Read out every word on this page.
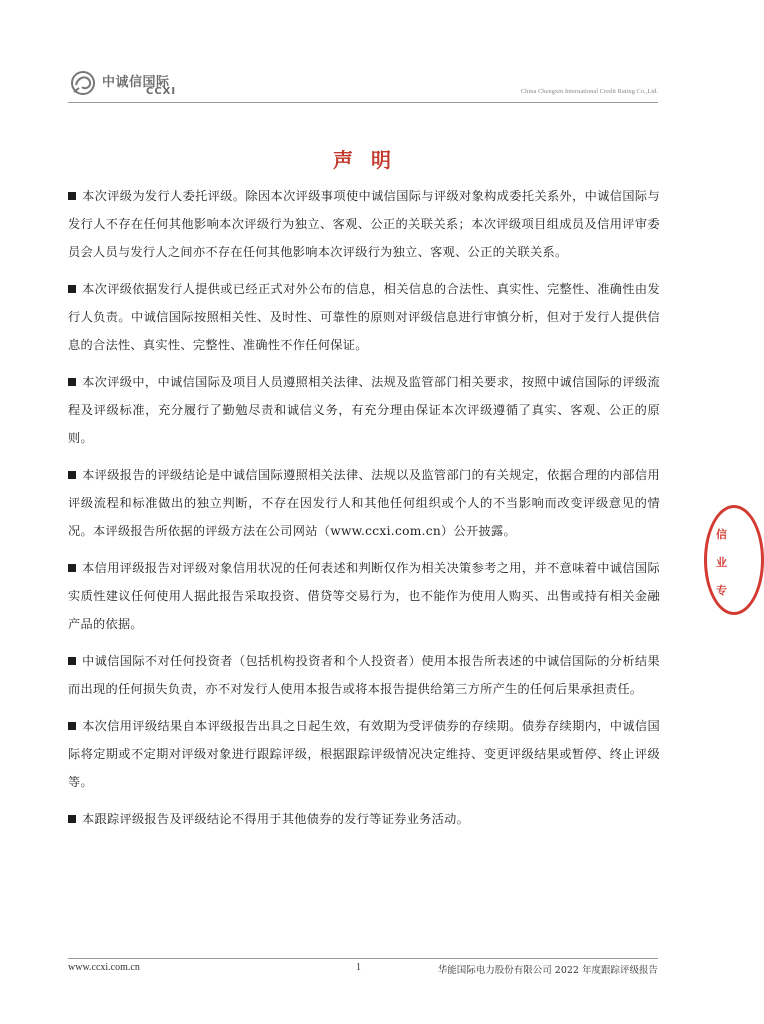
中诚信国际
CCXI	China Chengxin International Credit Rating Co.,Ltd.
声明

本次评级为发行人委托评级。除因本次评级事项使中诚信国际与评级对象构成委托关系外，中诚信国际与发行人不存在任何其他影响本次评级行为独立、客观、公正的关联关系；本次评级项目组成员及信用评审委员会人员与发行人之间亦不存在任何其他影响本次评级行为独立、客观、公正的关联关系。

本次评级依据发行人提供或已经正式对外公布的信息，相关信息的合法性、真实性、完整性、准确性由发行人负责。中诚信国际按照相关性、及时性、可靠性的原则对评级信息进行审慎分析，但对于发行人提供信息的合法性、真实性、完整性、准确性不作任何保证。

本次评级中，中诚信国际及项目人员遵照相关法律、法规及监管部门相关要求，按照中诚信国际的评级流程及评级标准，充分履行了勤勉尽责和诚信义务，有充分理由保证本次评级遵循了真实、客观、公正的原则。

本评级报告的评级结论是中诚信国际遵照相关法律、法规以及监管部门的有关规定，依据合理的内部信用评级流程和标准做出的独立判断，不存在因发行人和其他任何组织或个人的不当影响而改变评级意见的情况。本评级报告所依据的评级方法在公司网站（www.ccxi.com.cn）公开披露。

本信用评级报告对评级对象信用状况的任何表述和判断仅作为相关决策参考之用，并不意味着中诚信国际实质性建议任何使用人据此报告采取投资、借贷等交易行为，也不能作为使用人购买、出售或持有相关金融产品的依据。

中诚信国际不对任何投资者（包括机构投资者和个人投资者）使用本报告所表述的中诚信国际的分析结果而出现的任何损失负责，亦不对发行人使用本报告或将本报告提供给第三方所产生的任何后果承担责任。

本次信用评级结果自本评级报告出具之日起生效，有效期为受评债券的存续期。债券存续期内，中诚信国际将定期或不定期对评级对象进行跟踪评级，根据跟踪评级情况决定维持、变更评级结果或暂停、终止评级等。

本跟踪评级报告及评级结论不得用于其他债券的发行等证券业务活动。

信
业
专
www.ccxi.com.cn	1	华能国际电力股份有限公司 2022 年度跟踪评级报告
